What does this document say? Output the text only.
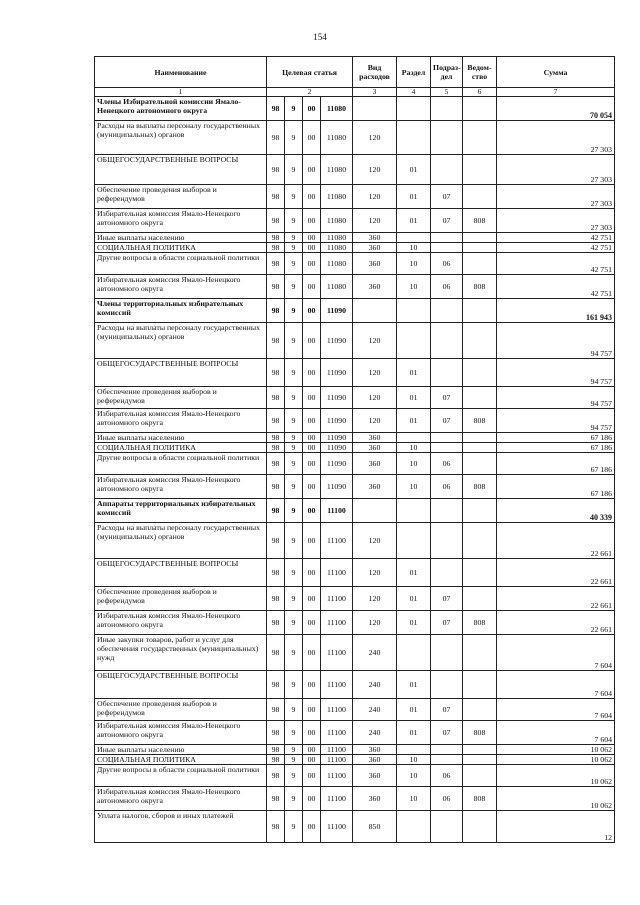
154
Наименование	Целевая статья				Вид расходов	Раздел	Подраз-дел	Ведом-ство	Сумма
1	2				3	4	5	6	7
Члены Избирательной комиссии Ямало-Ненецкого автономного округа	98	9	00	11080					70 054
Расходы на выплаты персоналу государственных (муниципальных) органов	98	9	00	11080	120				27 303
ОБЩЕГОСУДАРСТВЕННЫЕ ВОПРОСЫ	98	9	00	11080	120	01			27 303
Обеспечение проведения выборов и референдумов	98	9	00	11080	120	01	07		27 303
Избирательная комиссия Ямало-Ненецкого автономного округа	98	9	00	11080	120	01	07	808	27 303
Иные выплаты населению	98	9	00	11080	360				42 751
СОЦИАЛЬНАЯ ПОЛИТИКА	98	9	00	11080	360	10			42 751
Другие вопросы в области социальной политики	98	9	00	11080	360	10	06		42 751
Избирательная комиссия Ямало-Ненецкого автономного округа	98	9	00	11080	360	10	06	808	42 751
Члены территориальных избирательных комиссий	98	9	00	11090					161 943
Расходы на выплаты персоналу государственных (муниципальных) органов	98	9	00	11090	120				94 757
ОБЩЕГОСУДАРСТВЕННЫЕ ВОПРОСЫ	98	9	00	11090	120	01			94 757
Обеспечение проведения выборов и референдумов	98	9	00	11090	120	01	07		94 757
Избирательная комиссия Ямало-Ненецкого автономного округа	98	9	00	11090	120	01	07	808	94 757
Иные выплаты населению	98	9	00	11090	360				67 186
СОЦИАЛЬНАЯ ПОЛИТИКА	98	9	00	11090	360	10			67 186
Другие вопросы в области социальной политики	98	9	00	11090	360	10	06		67 186
Избирательная комиссия Ямало-Ненецкого автономного округа	98	9	00	11090	360	10	06	808	67 186
Аппараты территориальных избирательных комиссий	98	9	00	11100					40 339
Расходы на выплаты персоналу государственных (муниципальных) органов	98	9	00	11100	120				22 661
ОБЩЕГОСУДАРСТВЕННЫЕ ВОПРОСЫ	98	9	00	11100	120	01			22 661
Обеспечение проведения выборов и референдумов	98	9	00	11100	120	01	07		22 661
Избирательная комиссия Ямало-Ненецкого автономного округа	98	9	00	11100	120	01	07	808	22 661
Иные закупки товаров, работ и услуг для обеспечения государственных (муниципальных) нужд	98	9	00	11100	240				7 604
ОБЩЕГОСУДАРСТВЕННЫЕ ВОПРОСЫ	98	9	00	11100	240	01			7 604
Обеспечение проведения выборов и референдумов	98	9	00	11100	240	01	07		7 604
Избирательная комиссия Ямало-Ненецкого автономного округа	98	9	00	11100	240	01	07	808	7 604
Иные выплаты населению	98	9	00	11100	360				10 062
СОЦИАЛЬНАЯ ПОЛИТИКА	98	9	00	11100	360	10			10 062
Другие вопросы в области социальной политики	98	9	00	11100	360	10	06		10 062
Избирательная комиссия Ямало-Ненецкого автономного округа	98	9	00	11100	360	10	06	808	10 062
Уплата налогов, сборов и иных платежей	98	9	00	11100	850				12
